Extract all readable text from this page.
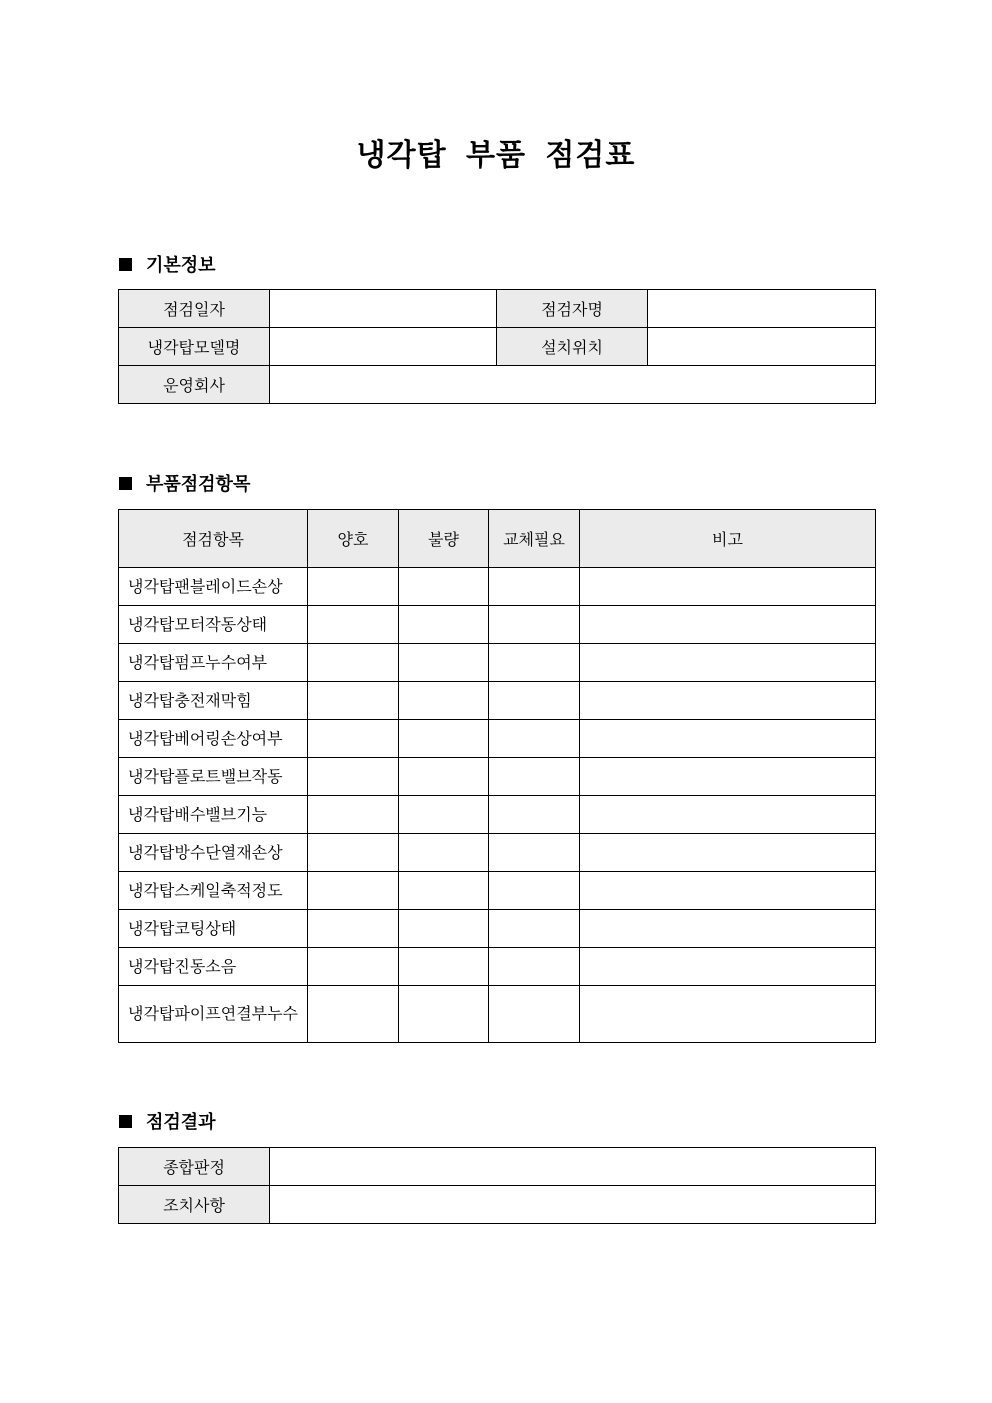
냉각탑 부품 점검표
기본정보
점검일자		점검자명	
냉각탑모델명		설치위치	
운영회사			
부품점검항목
점검항목	양호	불량	교체필요	비고
냉각탑팬블레이드손상				
냉각탑모터작동상태				
냉각탑펌프누수여부				
냉각탑충전재막힘				
냉각탑베어링손상여부				
냉각탑플로트밸브작동				
냉각탑배수밸브기능				
냉각탑방수단열재손상				
냉각탑스케일축적정도				
냉각탑코팅상태				
냉각탑진동소음				
냉각탑파이프연결부누수				
점검결과
종합판정	
조치사항	
